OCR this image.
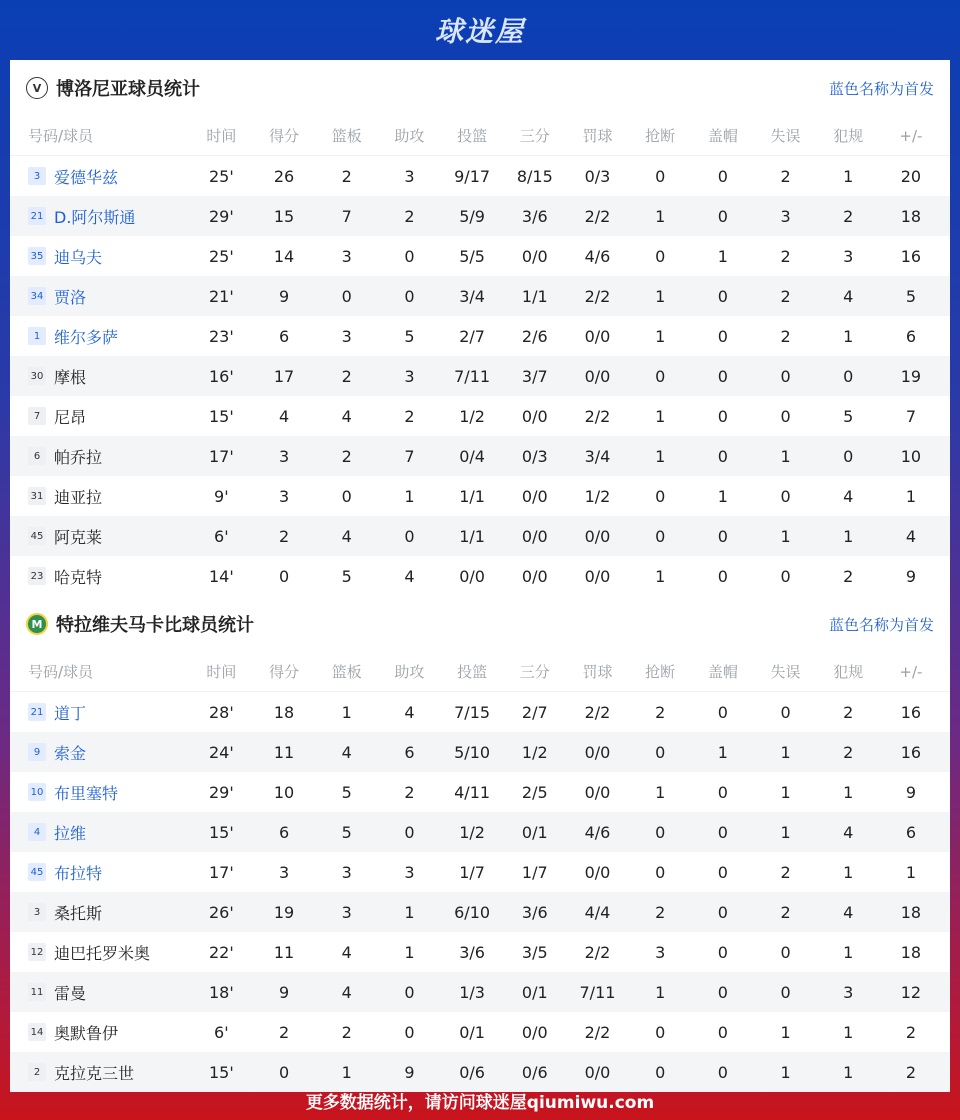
球迷屋
V 博洛尼亚球员统计	蓝色名称为首发
号码/球员	时间	得分	篮板	助攻	投篮	三分	罚球	抢断	盖帽	失误	犯规	+/-
3 爱德华兹	25'	26	2	3	9/17	8/15	0/3	0	0	2	1	20
21 D.阿尔斯通	29'	15	7	2	5/9	3/6	2/2	1	0	3	2	18
35 迪乌夫	25'	14	3	0	5/5	0/0	4/6	0	1	2	3	16
34 贾洛	21'	9	0	0	3/4	1/1	2/2	1	0	2	4	5
1 维尔多萨	23'	6	3	5	2/7	2/6	0/0	1	0	2	1	6
30 摩根	16'	17	2	3	7/11	3/7	0/0	0	0	0	0	19
7 尼昂	15'	4	4	2	1/2	0/0	2/2	1	0	0	5	7
6 帕乔拉	17'	3	2	7	0/4	0/3	3/4	1	0	1	0	10
31 迪亚拉	9'	3	0	1	1/1	0/0	1/2	0	1	0	4	1
45 阿克莱	6'	2	4	0	1/1	0/0	0/0	0	0	1	1	4
23 哈克特	14'	0	5	4	0/0	0/0	0/0	1	0	0	2	9
M 特拉维夫马卡比球员统计	蓝色名称为首发
号码/球员	时间	得分	篮板	助攻	投篮	三分	罚球	抢断	盖帽	失误	犯规	+/-
21 道丁	28'	18	1	4	7/15	2/7	2/2	2	0	0	2	16
9 索金	24'	11	4	6	5/10	1/2	0/0	0	1	1	2	16
10 布里塞特	29'	10	5	2	4/11	2/5	0/0	1	0	1	1	9
4 拉维	15'	6	5	0	1/2	0/1	4/6	0	0	1	4	6
45 布拉特	17'	3	3	3	1/7	1/7	0/0	0	0	2	1	1
3 桑托斯	26'	19	3	1	6/10	3/6	4/4	2	0	2	4	18
12 迪巴托罗米奥	22'	11	4	1	3/6	3/5	2/2	3	0	0	1	18
11 雷曼	18'	9	4	0	1/3	0/1	7/11	1	0	0	3	12
14 奥默鲁伊	6'	2	2	0	0/1	0/0	2/2	0	0	1	1	2
2 克拉克三世	15'	0	1	9	0/6	0/6	0/0	0	0	1	1	2
更多数据统计，请访问球迷屋qiumiwu.com
